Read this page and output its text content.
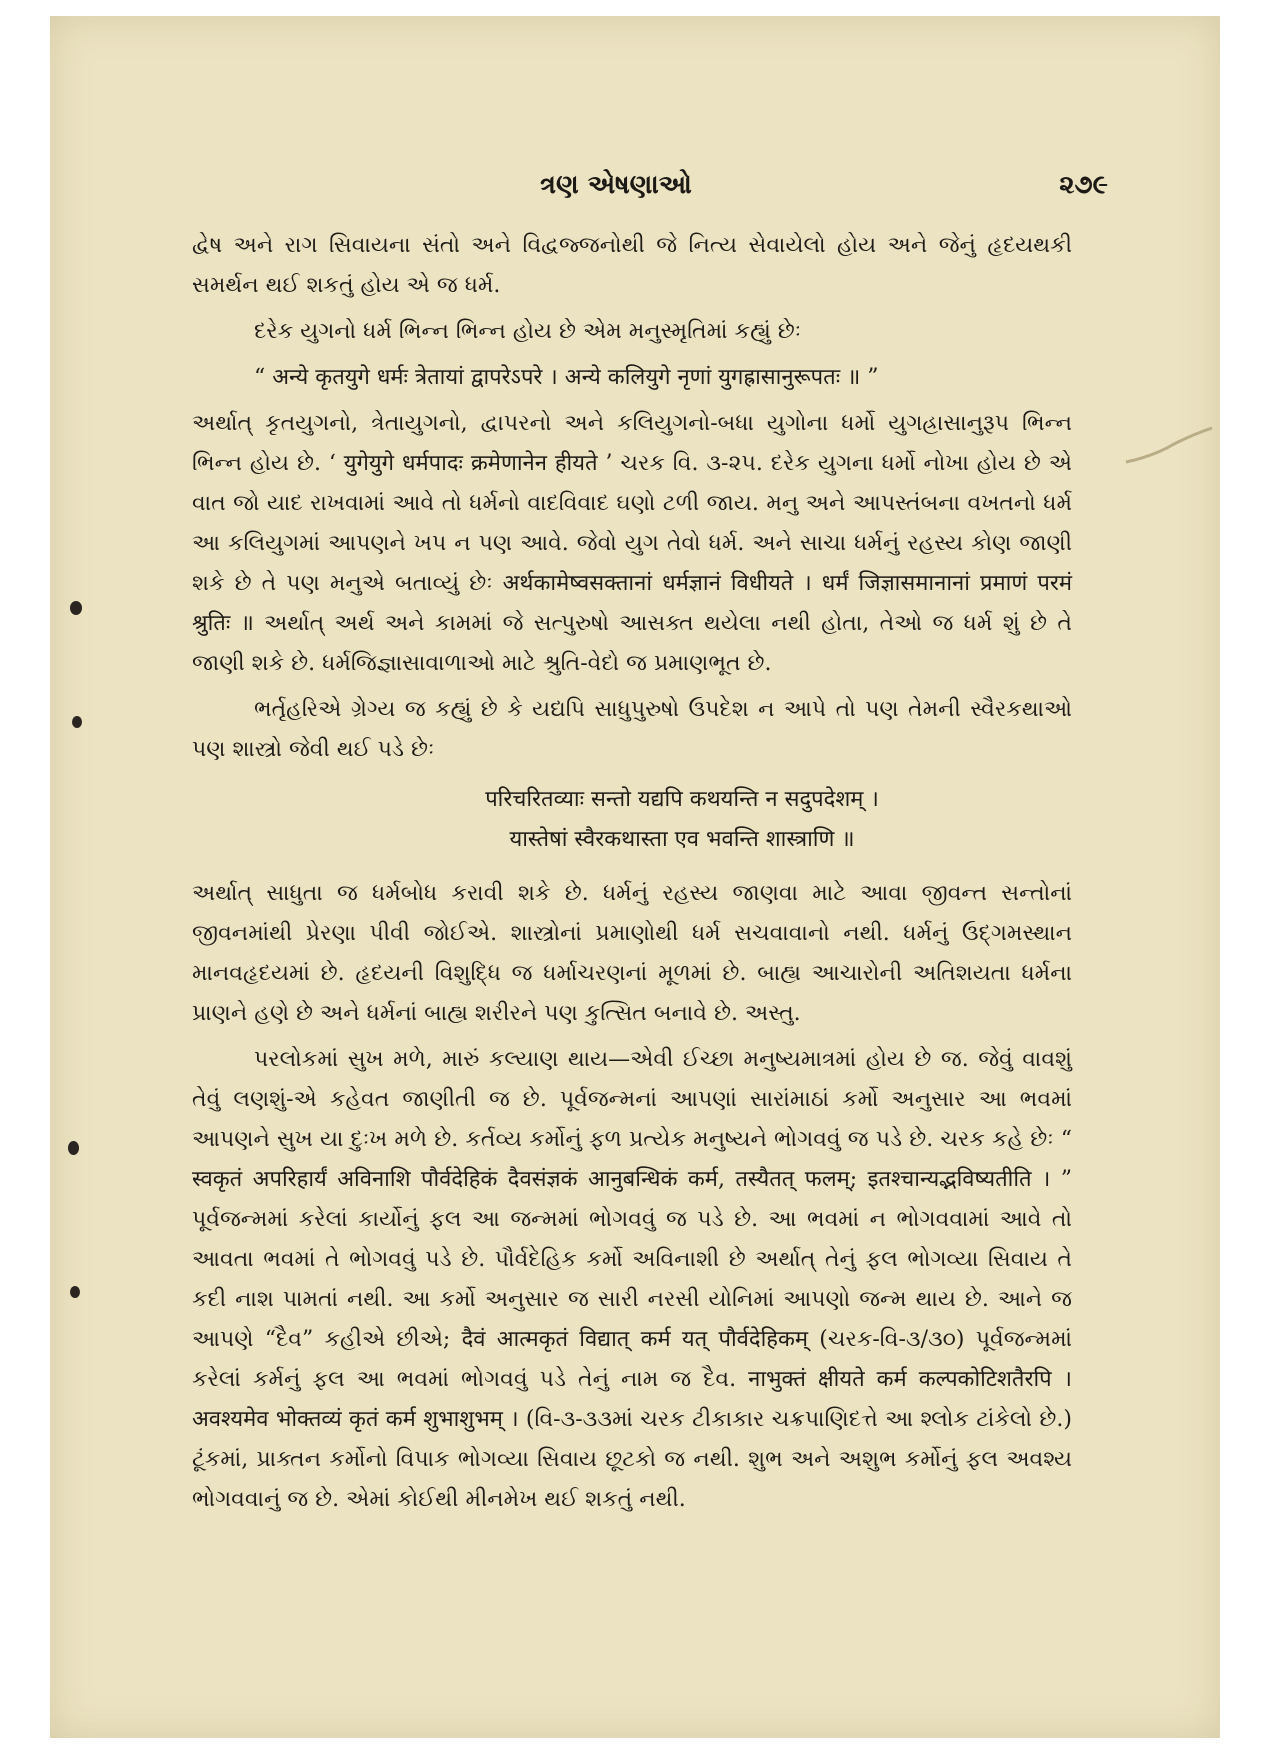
ત્રણ એષણાઓ	૨૭૯

દ્વેષ અને રાગ સિવાયના સંતો અને વિદ્વજ્જનોથી જે નિત્ય સેવાયેલો હોય અને જેનું હૃદયથકી સમર્થન થઈ શકતું હોય એ જ ધર્મ.

દરેક યુગનો ધર્મ ભિન્ન ભિન્ન હોય છે એમ મનુસ્મૃતિમાં કહ્યું છેઃ

“ अन्ये कृतयुगे धर्मः त्रेतायां द्वापरेऽपरे । अन्ये कलियुगे नृणां युगह्रासानुरूपतः ॥ ”

અર્થાત્ કૃતયુગનો, ત્રેતાયુગનો, દ્વાપરનો અને કલિયુગનો-બધા યુગોના ધર્મો યુગહ્રાસાનુરૂપ ભિન્ન ભિન્ન હોય છે. ‘ युगेयुगे धर्मपादः क्रमेणानेन हीयते ’ ચરક વિ. ૩-૨૫. દરેક યુગના ધર્મો નોખા હોય છે એ વાત જો યાદ રાખવામાં આવે તો ધર્મનો વાદવિવાદ ઘણો ટળી જાય. મનુ અને આપસ્તંબના વખતનો ધર્મ આ કલિયુગમાં આપણને ખપ ન પણ આવે. જેવો યુગ તેવો ધર્મ. અને સાચા ધર્મનું રહસ્ય કોણ જાણી શકે છે તે પણ મનુએ બતાવ્યું છેઃ अर्थकामेष्वसक्तानां धर्मज्ञानं विधीयते । धर्मं जिज्ञासमानानां प्रमाणं परमं श्रुतिः ॥ અર્થાત્ અર્થ અને કામમાં જે સત્પુરુષો આસક્ત થયેલા નથી હોતા, તેઓ જ ધર્મ શું છે તે જાણી શકે છે. ધર્મજિજ્ઞાસાવાળાઓ માટે શ્રુતિ-વેદો જ પ્રમાણભૂત છે.

ભર્તૃહરિએ ગ્રેગ્ય જ કહ્યું છે કે યદ્યપિ સાધુપુરુષો ઉપદેશ ન આપે તો પણ તેમની સ્વૈરકથાઓ પણ શાસ્ત્રો જેવી થઈ પડે છેઃ

परिचरितव्याः सन्तो यद्यपि कथयन्ति न सदुपदेशम् ।
यास्तेषां स्वैरकथास्ता एव भवन्ति शास्त्राणि ॥

અર્થાત્ સાધુતા જ ધર્મબોધ કરાવી શકે છે. ધર્મનું રહસ્ય જાણવા માટે આવા જીવન્ત સન્તોનાં જીવનમાંથી પ્રેરણા પીવી જોઈએ. શાસ્ત્રોનાં પ્રમાણોથી ધર્મ સચવાવાનો નથી. ધર્મનું ઉદ્‌ગમસ્થાન માનવહૃદયમાં છે. હૃદયની વિશુદ્ધિ જ ધર્માચરણનાં મૂળમાં છે. બાહ્ય આચારોની અતિશયતા ધર્મના પ્રાણને હણે છે અને ધર્મનાં બાહ્ય શરીરને પણ કુત્સિત બનાવે છે. અસ્તુ.

પરલોકમાં સુખ મળે, મારું કલ્યાણ થાય—એવી ઈચ્છા મનુષ્યમાત્રમાં હોય છે જ. જેવું વાવશું તેવું લણશું-એ કહેવત જાણીતી જ છે. પૂર્વજન્મનાં આપણાં સારાંમાઠાં કર્મો અનુસાર આ ભવમાં આપણને સુખ યા દુઃખ મળે છે. કર્તવ્ય કર્મોનું ફળ પ્રત્યેક મનુષ્યને ભોગવવું જ પડે છે. ચરક કહે છેઃ “ स्वकृतं अपरिहार्यं अविनाशि पौर्वदेहिकं दैवसंज्ञकं आनुबन्धिकं कर्म, तस्यैतत् फलम्; इतश्चान्यद्भविष्यतीति । ” પૂર્વજન્મમાં કરેલાં કાર્યોનું ફલ આ જન્મમાં ભોગવવું જ પડે છે. આ ભવમાં ન ભોગવવામાં આવે તો આવતા ભવમાં તે ભોગવવું પડે છે. પૌર્વદેહિક કર્મો અવિનાશી છે અર્થાત્ તેનું ફલ ભોગવ્યા સિવાય તે કદી નાશ પામતાં નથી. આ કર્મો અનુસાર જ સારી નરસી યોનિમાં આપણો જન્મ થાય છે. આને જ આપણે “દૈવ” કહીએ છીએ; दैवं आत्मकृतं विद्यात् कर्म यत् पौर्वदेहिकम् (ચરક-વિ-૩/૩૦) પૂર્વજન્મમાં કરેલાં કર્મનું ફલ આ ભવમાં ભોગવવું પડે તેનું નામ જ દૈવ. नाभुक्तं क्षीयते कर्म कल्पकोटिशतैरपि । अवश्यमेव भोक्तव्यं कृतं कर्म शुभाशुभम् । (વિ-૩-૩૩માં ચરક ટીકાકાર ચક્રપાણિદત્તે આ શ્લોક ટાંકેલો છે.) ટૂંકમાં, પ્રાક્તન કર્મોનો વિપાક ભોગવ્યા સિવાય છૂટકો જ નથી. શુભ અને અશુભ કર્મોનું ફલ અવશ્ય ભોગવવાનું જ છે. એમાં કોઈથી મીનમેખ થઈ શકતું નથી.
